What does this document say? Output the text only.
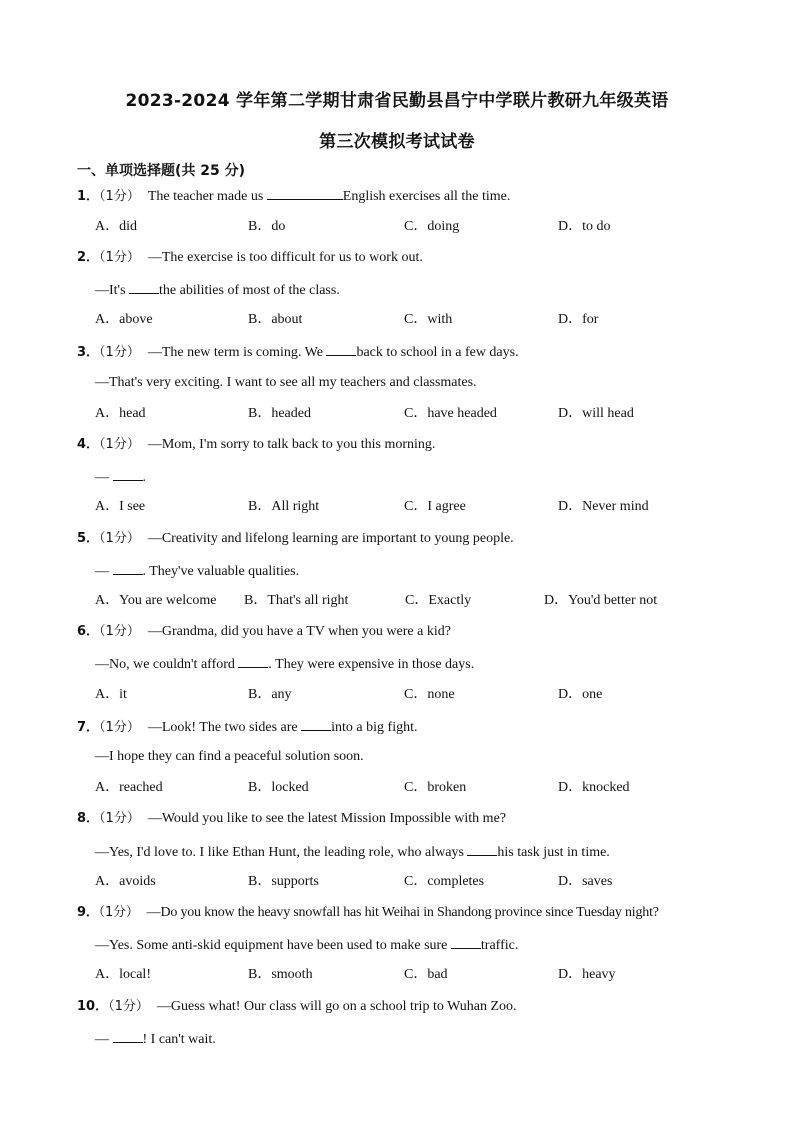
2023-2024 学年第二学期甘肃省民勤县昌宁中学联片教研九年级英语
第三次模拟考试试卷
一、单项选择题(共 25 分)
1．（1分） The teacher made us	English exercises all the time.
A．did	B．do	C．doing	D．to do
2．（1分） —The exercise is too difficult for us to work out.
—It's the abilities of most of the class.
A．above	B．about	C．with	D．for
3．（1分） —The new term is coming. We back to school in a few days.
—That's very exciting. I want to see all my teachers and classmates.
A．head	B．headed	C．have headed	D．will head
4．（1分） —Mom, I'm sorry to talk back to you this morning.
— .
A．I see	B．All right	C．I agree	D．Never mind
5．（1分） —Creativity and lifelong learning are important to young people.
— . They've valuable qualities.
A．You are welcome B．That's all right	C．Exactly	D．You'd better not
6．（1分） —Grandma, did you have a TV when you were a kid?
—No, we couldn't afford . They were expensive in those days.
A．it	B．any	C．none	D．one
7．（1分） —Look! The two sides are into a big fight.
—I hope they can find a peaceful solution soon.
A．reached	B．locked	C．broken	D．knocked
8．（1分） —Would you like to see the latest Mission Impossible with me?
—Yes, I'd love to. I like Ethan Hunt, the leading role, who always his task just in time.
A．avoids	B．supports	C．completes	D．saves
9．（1分） —Do you know the heavy snowfall has hit Weihai in Shandong province since Tuesday night?
—Yes. Some anti-skid equipment have been used to make sure traffic.
A．local!	B．smooth	C．bad	D．heavy
10．（1分） —Guess what! Our class will go on a school trip to Wuhan Zoo.
— ! I can't wait.
